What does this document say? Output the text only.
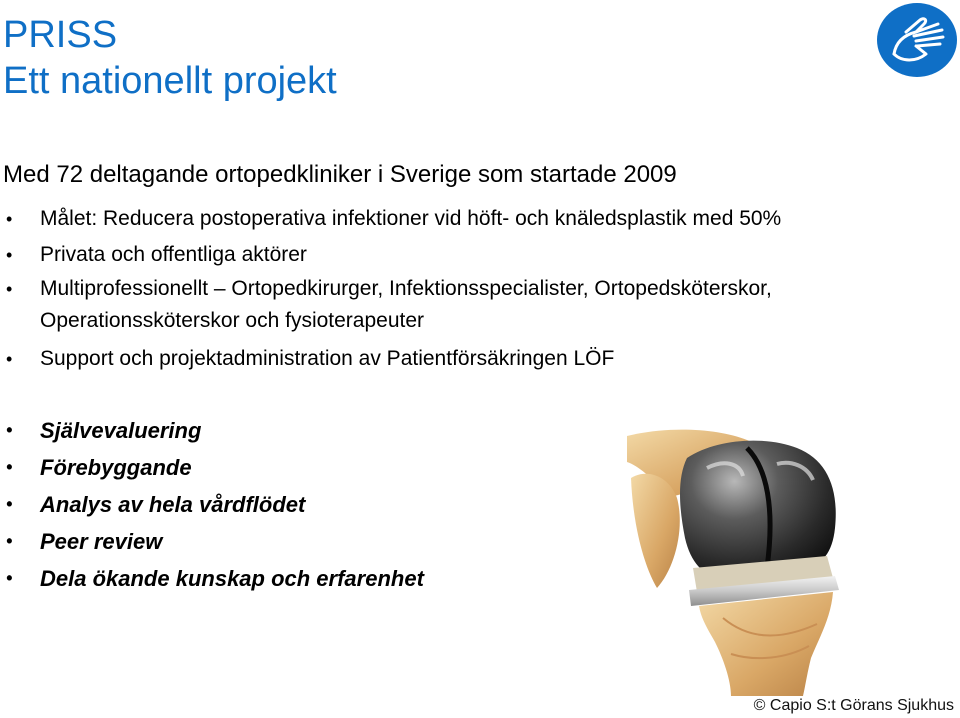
PRISS
Ett nationellt projekt
Med 72 deltagande ortopedkliniker i Sverige som startade 2009
• Målet: Reducera postoperativa infektioner vid höft- och knäledsplastik med 50%
• Privata och offentliga aktörer
• Multiprofessionellt – Ortopedkirurger, Infektionsspecialister, Ortopedsköterskor, Operationssköterskor och fysioterapeuter
• Support och projektadministration av Patientförsäkringen LÖF
• Självevaluering
• Förebyggande
• Analys av hela vårdflödet
• Peer review
• Dela ökande kunskap och erfarenhet
© Capio S:t Görans Sjukhus
